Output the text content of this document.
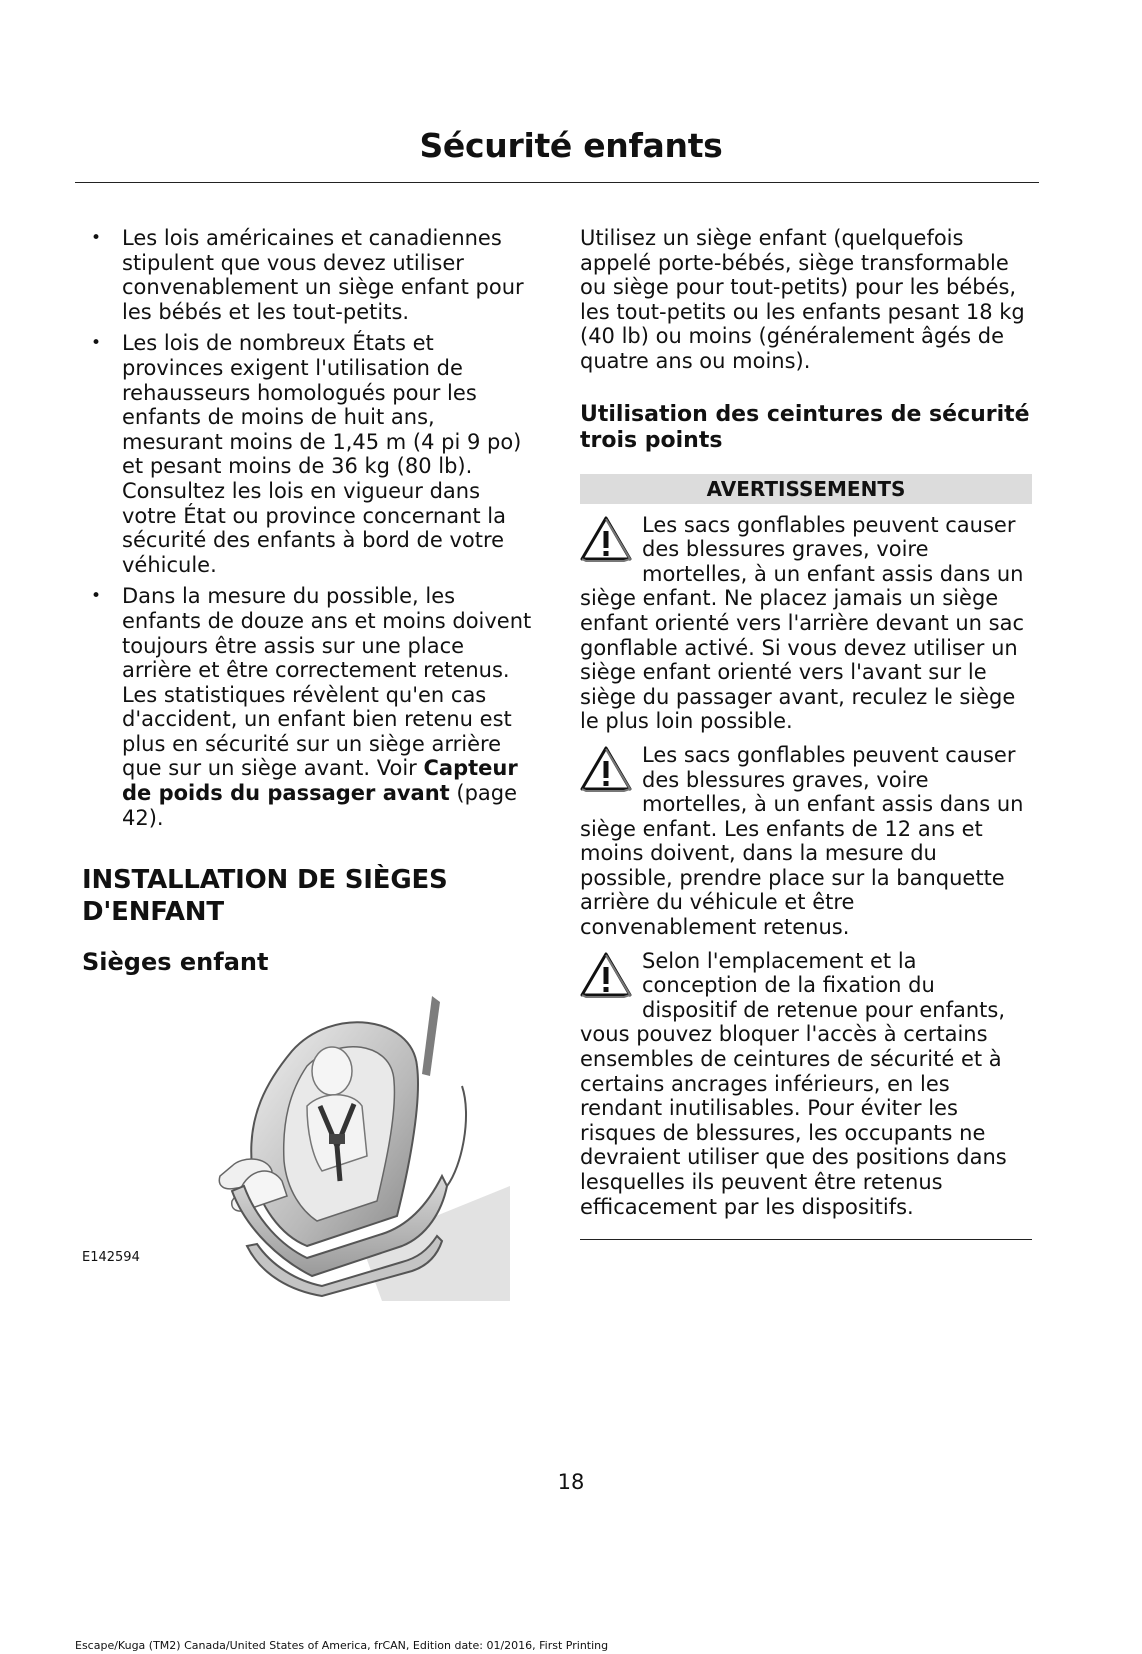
Sécurité enfants
• Les lois américaines et canadiennes stipulent que vous devez utiliser convenablement un siège enfant pour les bébés et les tout-petits.
• Les lois de nombreux États et provinces exigent l'utilisation de rehausseurs homologués pour les enfants de moins de huit ans, mesurant moins de 1,45 m (4 pi 9 po) et pesant moins de 36 kg (80 lb). Consultez les lois en vigueur dans votre État ou province concernant la sécurité des enfants à bord de votre véhicule.
• Dans la mesure du possible, les enfants de douze ans et moins doivent toujours être assis sur une place arrière et être correctement retenus. Les statistiques révèlent qu'en cas d'accident, un enfant bien retenu est plus en sécurité sur un siège arrière que sur un siège avant. Voir Capteur de poids du passager avant (page 42).
INSTALLATION DE SIÈGES D'ENFANT
Sièges enfant
E142594

Utilisez un siège enfant (quelquefois appelé porte-bébés, siège transformable ou siège pour tout-petits) pour les bébés, les tout-petits ou les enfants pesant 18 kg (40 lb) ou moins (généralement âgés de quatre ans ou moins).

Utilisation des ceintures de sécurité trois points
AVERTISSEMENTS
Les sacs gonflables peuvent causer des blessures graves, voire mortelles, à un enfant assis dans un siège enfant. Ne placez jamais un siège enfant orienté vers l'arrière devant un sac gonflable activé. Si vous devez utiliser un siège enfant orienté vers l'avant sur le siège du passager avant, reculez le siège le plus loin possible.
Les sacs gonflables peuvent causer des blessures graves, voire mortelles, à un enfant assis dans un siège enfant. Les enfants de 12 ans et moins doivent, dans la mesure du possible, prendre place sur la banquette arrière du véhicule et être convenablement retenus.
Selon l'emplacement et la conception de la fixation du dispositif de retenue pour enfants, vous pouvez bloquer l'accès à certains ensembles de ceintures de sécurité et à certains ancrages inférieurs, en les rendant inutilisables. Pour éviter les risques de blessures, les occupants ne devraient utiliser que des positions dans lesquelles ils peuvent être retenus efficacement par les dispositifs.
18
Escape/Kuga (TM2) Canada/United States of America, frCAN, Edition date: 01/2016, First Printing
